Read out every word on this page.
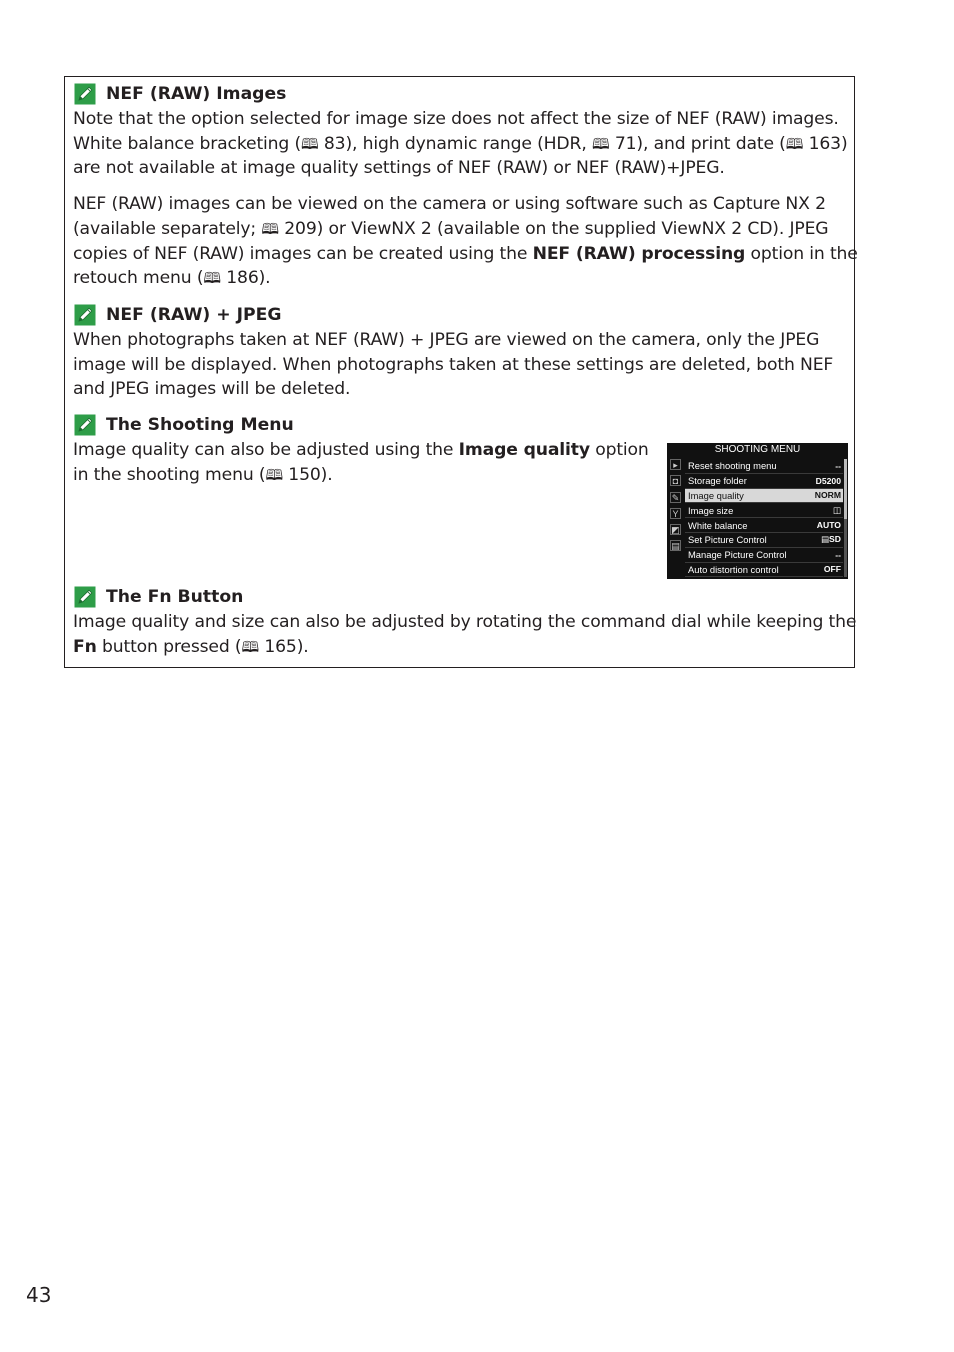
NEF (RAW) Images

Note that the option selected for image size does not affect the size of NEF (RAW) images.

White balance bracketing (🕮 83), high dynamic range (HDR, 🕮 71), and print date (🕮 163)

are not available at image quality settings of NEF (RAW) or NEF (RAW)+JPEG.

NEF (RAW) images can be viewed on the camera or using software such as Capture NX 2

(available separately; 🕮 209) or ViewNX 2 (available on the supplied ViewNX 2 CD). JPEG

copies of NEF (RAW) images can be created using the NEF (RAW) processing option in the

retouch menu (🕮 186).

NEF (RAW) + JPEG

When photographs taken at NEF (RAW) + JPEG are viewed on the camera, only the JPEG

image will be displayed. When photographs taken at these settings are deleted, both NEF

and JPEG images will be deleted.

The Shooting Menu

Image quality can also be adjusted using the Image quality option

in the shooting menu (🕮 150).

SHOOTING MENU
▸
◘
✎
Y
◩
▤
Reset shooting menu	--
Storage folder	D5200
Image quality	NORM
Image size	◫
White balance	AUTO
Set Picture Control	▤SD
Manage Picture Control	--
Auto distortion control	OFF
The Fn Button

Image quality and size can also be adjusted by rotating the command dial while keeping the

Fn button pressed (🕮 165).

43
